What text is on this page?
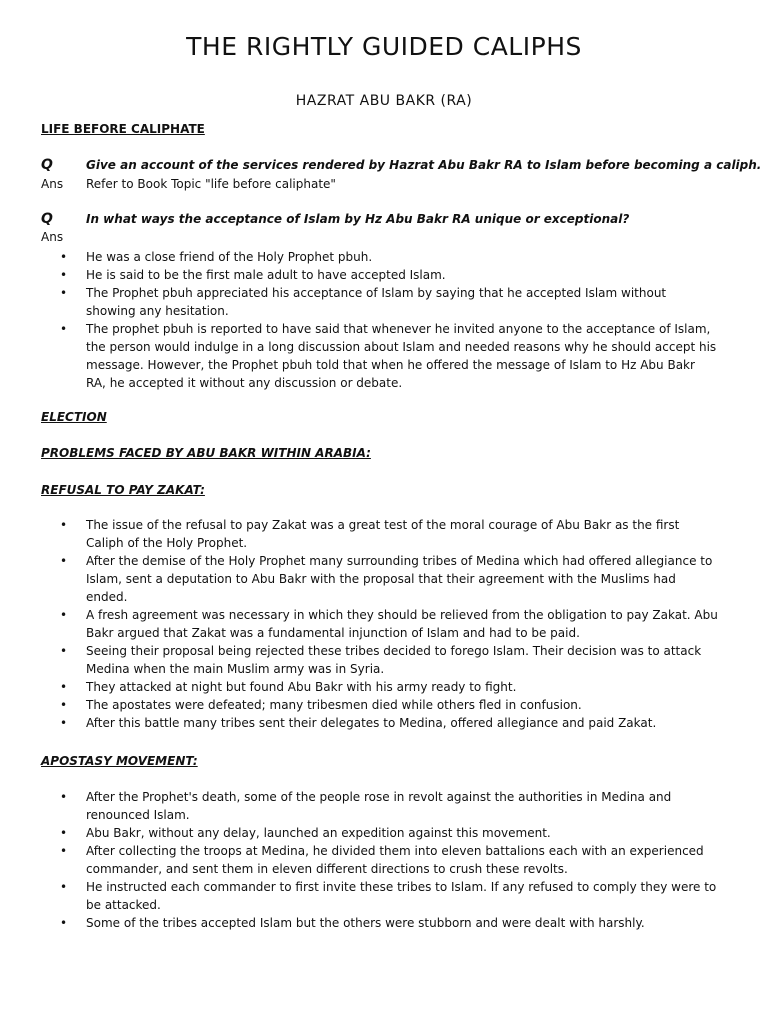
THE RIGHTLY GUIDED CALIPHS
HAZRAT ABU BAKR (RA)
LIFE BEFORE CALIPHATE
Q	Give an account of the services rendered by Hazrat Abu Bakr RA to Islam before becoming a caliph.
Ans Refer to Book Topic "life before caliphate"
Q	In what ways the acceptance of Islam by Hz Abu Bakr RA unique or exceptional?
Ans
• He was a close friend of the Holy Prophet pbuh.
• He is said to be the first male adult to have accepted Islam.
• The Prophet pbuh appreciated his acceptance of Islam by saying that he accepted Islam without showing any hesitation.
• The prophet pbuh is reported to have said that whenever he invited anyone to the acceptance of Islam, the person would indulge in a long discussion about Islam and needed reasons why he should accept his message. However, the Prophet pbuh told that when he offered the message of Islam to Hz Abu Bakr RA, he accepted it without any discussion or debate.
ELECTION
PROBLEMS FACED BY ABU BAKR WITHIN ARABIA:
REFUSAL TO PAY ZAKAT:
• The issue of the refusal to pay Zakat was a great test of the moral courage of Abu Bakr as the first Caliph of the Holy Prophet.
• After the demise of the Holy Prophet many surrounding tribes of Medina which had offered allegiance to Islam, sent a deputation to Abu Bakr with the proposal that their agreement with the Muslims had ended.
• A fresh agreement was necessary in which they should be relieved from the obligation to pay Zakat. Abu Bakr argued that Zakat was a fundamental injunction of Islam and had to be paid.
• Seeing their proposal being rejected these tribes decided to forego Islam. Their decision was to attack Medina when the main Muslim army was in Syria.
• They attacked at night but found Abu Bakr with his army ready to fight.
• The apostates were defeated; many tribesmen died while others fled in confusion.
• After this battle many tribes sent their delegates to Medina, offered allegiance and paid Zakat.
APOSTASY MOVEMENT:
• After the Prophet's death, some of the people rose in revolt against the authorities in Medina and renounced Islam.
• Abu Bakr, without any delay, launched an expedition against this movement.
• After collecting the troops at Medina, he divided them into eleven battalions each with an experienced commander, and sent them in eleven different directions to crush these revolts.
• He instructed each commander to first invite these tribes to Islam. If any refused to comply they were to be attacked.
• Some of the tribes accepted Islam but the others were stubborn and were dealt with harshly.
